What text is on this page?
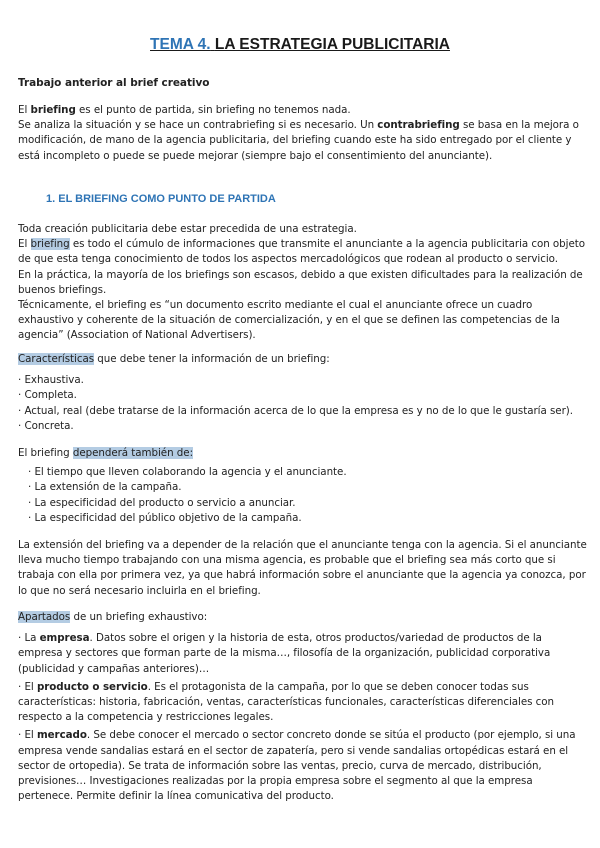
TEMA 4. LA ESTRATEGIA PUBLICITARIA
Trabajo anterior al brief creativo
El briefing es el punto de partida, sin briefing no tenemos nada.
Se analiza la situación y se hace un contrabriefing si es necesario. Un contrabriefing se basa en la mejora o modificación, de mano de la agencia publicitaria, del briefing cuando este ha sido entregado por el cliente y está incompleto o puede se puede mejorar (siempre bajo el consentimiento del anunciante).
1. EL BRIEFING COMO PUNTO DE PARTIDA
Toda creación publicitaria debe estar precedida de una estrategia.
El briefing es todo el cúmulo de informaciones que transmite el anunciante a la agencia publicitaria con objeto de que esta tenga conocimiento de todos los aspectos mercadológicos que rodean al producto o servicio.
En la práctica, la mayoría de los briefings son escasos, debido a que existen dificultades para la realización de buenos briefings.
Técnicamente, el briefing es “un documento escrito mediante el cual el anunciante ofrece un cuadro exhaustivo y coherente de la situación de comercialización, y en el que se definen las competencias de la agencia” (Association of National Advertisers).
Características que debe tener la información de un briefing:
· Exhaustiva.
· Completa.
· Actual, real (debe tratarse de la información acerca de lo que la empresa es y no de lo que le gustaría ser).
· Concreta.
El briefing dependerá también de:
· El tiempo que lleven colaborando la agencia y el anunciante.
· La extensión de la campaña.
· La especificidad del producto o servicio a anunciar.
· La especificidad del público objetivo de la campaña.
La extensión del briefing va a depender de la relación que el anunciante tenga con la agencia. Si el anunciante lleva mucho tiempo trabajando con una misma agencia, es probable que el briefing sea más corto que si trabaja con ella por primera vez, ya que habrá información sobre el anunciante que la agencia ya conozca, por lo que no será necesario incluirla en el briefing.
Apartados de un briefing exhaustivo:
· La empresa. Datos sobre el origen y la historia de esta, otros productos/variedad de productos de la empresa y sectores que forman parte de la misma…, filosofía de la organización, publicidad corporativa (publicidad y campañas anteriores)…
· El producto o servicio. Es el protagonista de la campaña, por lo que se deben conocer todas sus características: historia, fabricación, ventas, características funcionales, características diferenciales con respecto a la competencia y restricciones legales.
· El mercado. Se debe conocer el mercado o sector concreto donde se sitúa el producto (por ejemplo, si una empresa vende sandalias estará en el sector de zapatería, pero si vende sandalias ortopédicas estará en el sector de ortopedia). Se trata de información sobre las ventas, precio, curva de mercado, distribución, previsiones… Investigaciones realizadas por la propia empresa sobre el segmento al que la empresa pertenece. Permite definir la línea comunicativa del producto.
